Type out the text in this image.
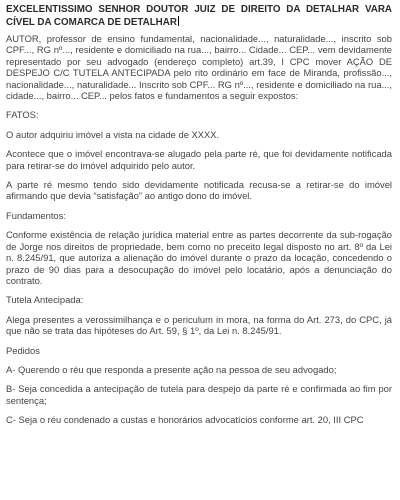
EXCELENTISSIMO SENHOR DOUTOR JUIZ DE DIREITO DA DETALHAR VARA CÍVEL DA COMARCA DE DETALHAR

AUTOR, professor de ensino fundamental, nacionalidade..., naturalidade..., inscrito sob CPF..., RG nº..., residente e domiciliado na rua..., bairro... Cidade... CEP... vem devidamente representado por seu advogado (endereço completo) art.39, I CPC mover AÇÃO DE DESPEJO C/C TUTELA ANTECIPADA pelo rito ordinário em face de Miranda, profissão..., nacionalidade..., naturalidade... Inscrito sob CPF... RG nº..., residente e domiciliado na rua..., cidade..., bairro... CEP... pelos fatos e fundamentos a seguir expostos:

FATOS:

O autor adquiriu imóvel a vista na cidade de XXXX.

Acontece que o imóvel encontrava-se alugado pela parte ré, que foi devidamente notificada para retirar-se do imóvel adquirido pelo autor.

A parte ré mesmo tendo sido devidamente notificada recusa-se a retirar-se do imóvel afirmando que devia “satisfação” ao antigo dono do imóvel.

Fundamentos:

Conforme existência de relação jurídica material entre as partes decorrente da sub-rogação de Jorge nos direitos de propriedade, bem como no preceito legal disposto no art. 8º da Lei n. 8.245/91, que autoriza a alienação do imóvel durante o prazo da locação, concedendo o prazo de 90 dias para a desocupação do imóvel pelo locatário, após a denunciação do contrato.

Tutela Antecipada:

Alega presentes a verossimilhança e o periculum in mora, na forma do Art. 273, do CPC, já que não se trata das hipóteses do Art. 59, § 1º, da Lei n. 8.245/91.

Pedidos

A- Querendo o réu que responda a presente ação na pessoa de seu advogado;

B- Seja concedida a antecipação de tutela para despejo da parte ré e confirmada ao fim por sentença;

C- Seja o réu condenado a custas e honorários advocatícios conforme art. 20, III CPC
